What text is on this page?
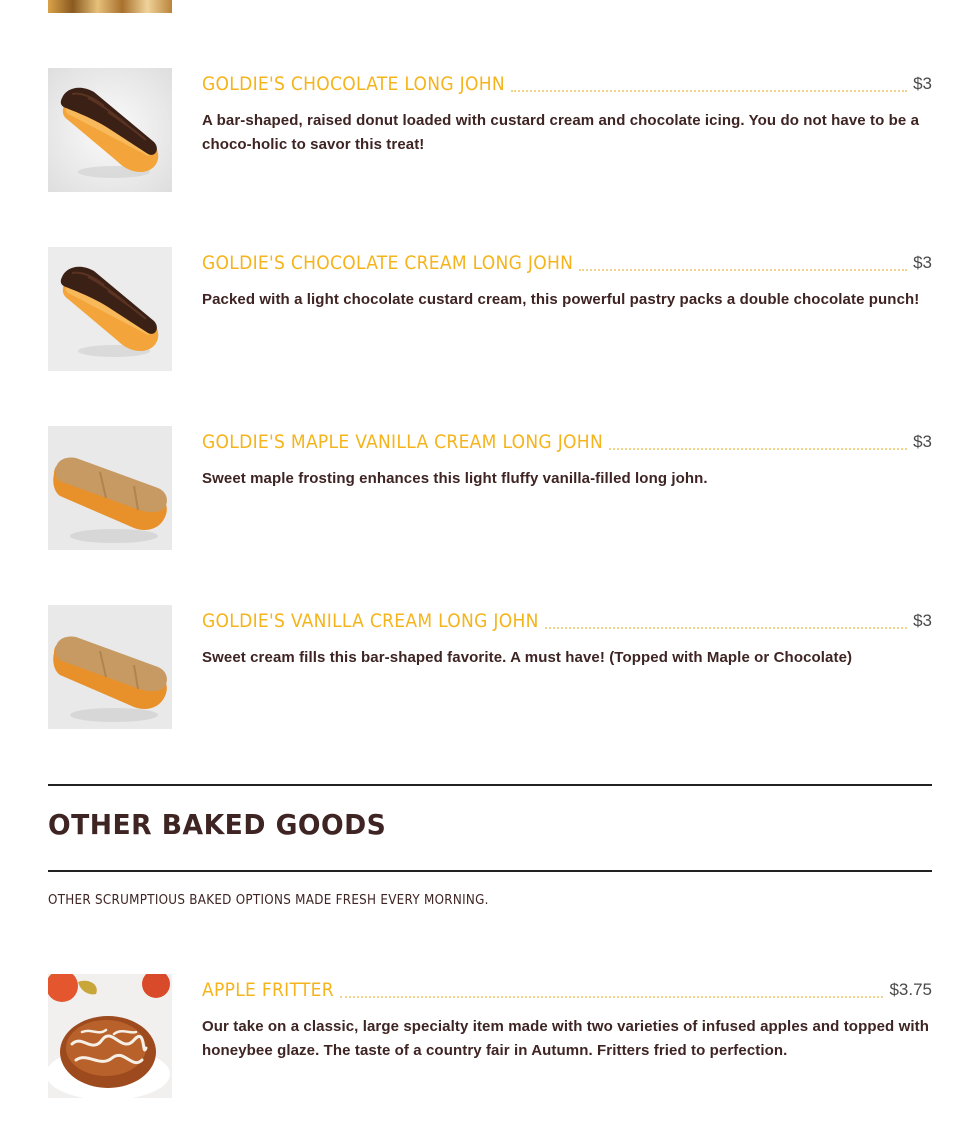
GOLDIE'S CHOCOLATE LONG JOHN	$3
A bar-shaped, raised donut loaded with custard cream and chocolate icing. You do not have to be a choco-holic to savor this treat!
GOLDIE'S CHOCOLATE CREAM LONG JOHN	$3
Packed with a light chocolate custard cream, this powerful pastry packs a double chocolate punch!
GOLDIE'S MAPLE VANILLA CREAM LONG JOHN	$3
Sweet maple frosting enhances this light fluffy vanilla-filled long john.
GOLDIE'S VANILLA CREAM LONG JOHN	$3
Sweet cream fills this bar-shaped favorite. A must have! (Topped with Maple or Chocolate)
OTHER BAKED GOODS
OTHER SCRUMPTIOUS BAKED OPTIONS MADE FRESH EVERY MORNING.
APPLE FRITTER	$3.75
Our take on a classic, large specialty item made with two varieties of infused apples and topped with honeybee glaze. The taste of a country fair in Autumn. Fritters fried to perfection.
